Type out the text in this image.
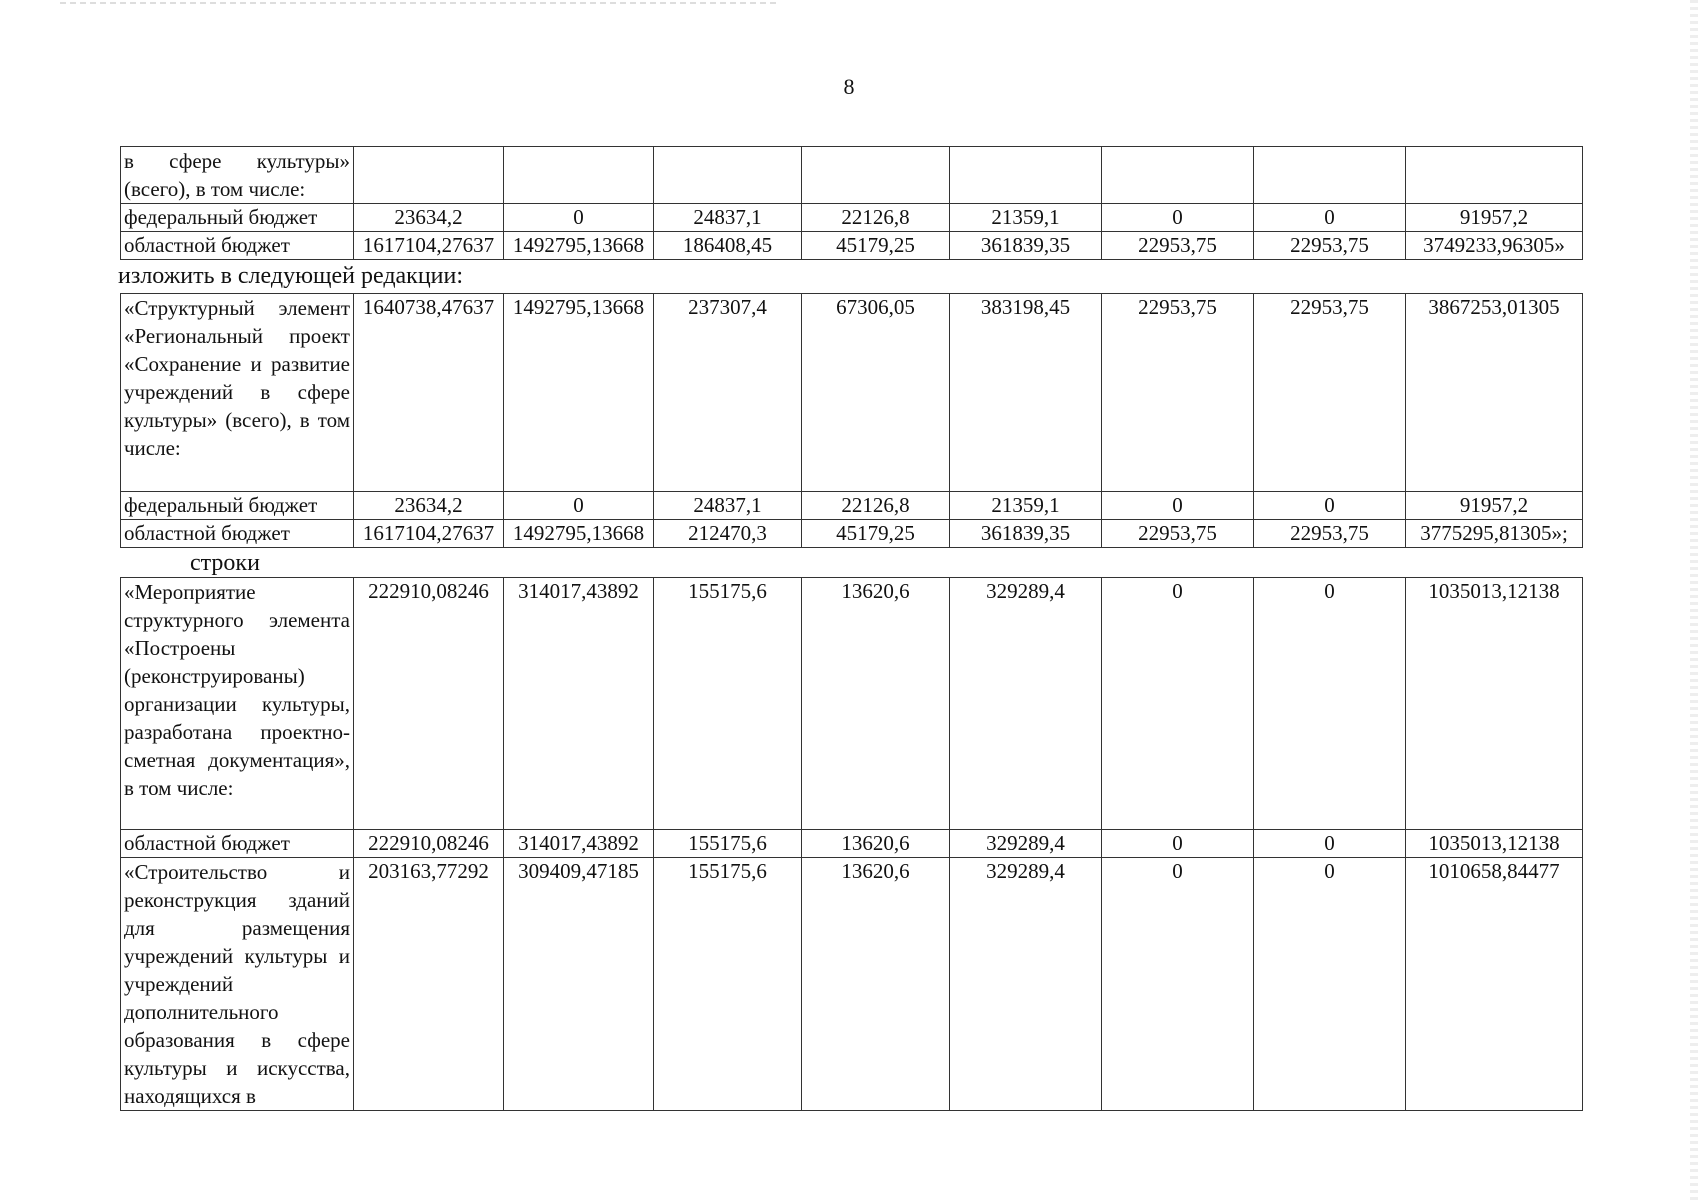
8
в сфере культуры» (всего), в том числе:								
федеральный бюджет	23634,2	0	24837,1	22126,8	21359,1	0	0	91957,2
областной бюджет	1617104,27637	1492795,13668	186408,45	45179,25	361839,35	22953,75	22953,75	3749233,96305»
изложить в следующей редакции:
«Структурный элемент «Региональный проект «Сохранение и развитие учреждений в сфере культуры» (всего), в том числе:	1640738,47637	1492795,13668	237307,4	67306,05	383198,45	22953,75	22953,75	3867253,01305
федеральный бюджет	23634,2	0	24837,1	22126,8	21359,1	0	0	91957,2
областной бюджет	1617104,27637	1492795,13668	212470,3	45179,25	361839,35	22953,75	22953,75	3775295,81305»;
строки
«Мероприятие структурного элемента «Построены (реконструированы) организации культуры, разработана проектно-сметная документация», в том числе:	222910,08246	314017,43892	155175,6	13620,6	329289,4	0	0	1035013,12138
областной бюджет	222910,08246	314017,43892	155175,6	13620,6	329289,4	0	0	1035013,12138
«Строительство и реконструкция зданий для размещения учреждений культуры и учреждений дополнительного образования в сфере культуры и искусства, находящихся в	203163,77292	309409,47185	155175,6	13620,6	329289,4	0	0	1010658,84477
